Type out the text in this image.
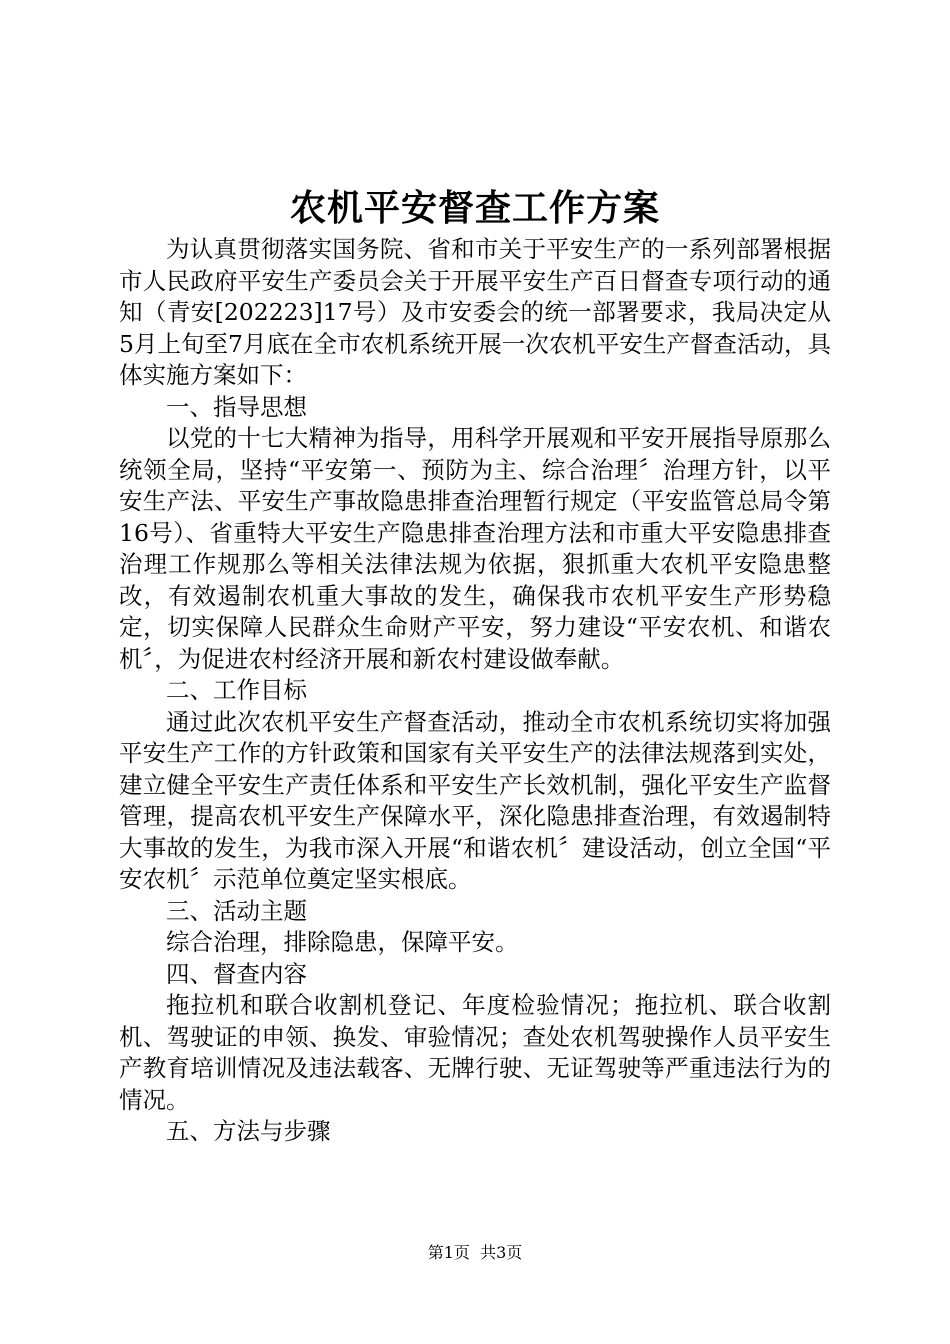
农机平安督查工作方案

为认真贯彻落实国务院、省和市关于平安生产的一系列部署根据市人民政府平安生产委员会关于开展平安生产百日督查专项行动的通知（青安[202223]17号）及市安委会的统一部署要求，我局决定从5月上旬至7月底在全市农机系统开展一次农机平安生产督查活动，具体实施方案如下：

一、指导思想

以党的十七大精神为指导，用科学开展观和平安开展指导原那么统领全局，坚持“平安第一、预防为主、综合治理〞治理方针，以平安生产法、平安生产事故隐患排查治理暂行规定（平安监管总局令第16号）、省重特大平安生产隐患排查治理方法和市重大平安隐患排查治理工作规那么等相关法律法规为依据，狠抓重大农机平安隐患整改，有效遏制农机重大事故的发生，确保我市农机平安生产形势稳定，切实保障人民群众生命财产平安，努力建设“平安农机、和谐农机〞，为促进农村经济开展和新农村建设做奉献。

二、工作目标

通过此次农机平安生产督查活动，推动全市农机系统切实将加强平安生产工作的方针政策和国家有关平安生产的法律法规落到实处，建立健全平安生产责任体系和平安生产长效机制，强化平安生产监督管理，提高农机平安生产保障水平，深化隐患排查治理，有效遏制特大事故的发生，为我市深入开展“和谐农机〞建设活动，创立全国“平安农机〞示范单位奠定坚实根底。

三、活动主题

综合治理，排除隐患，保障平安。

四、督查内容

拖拉机和联合收割机登记、年度检验情况；拖拉机、联合收割机、驾驶证的申领、换发、审验情况；查处农机驾驶操作人员平安生产教育培训情况及违法载客、无牌行驶、无证驾驶等严重违法行为的情况。

五、方法与步骤

第1页  共3页
